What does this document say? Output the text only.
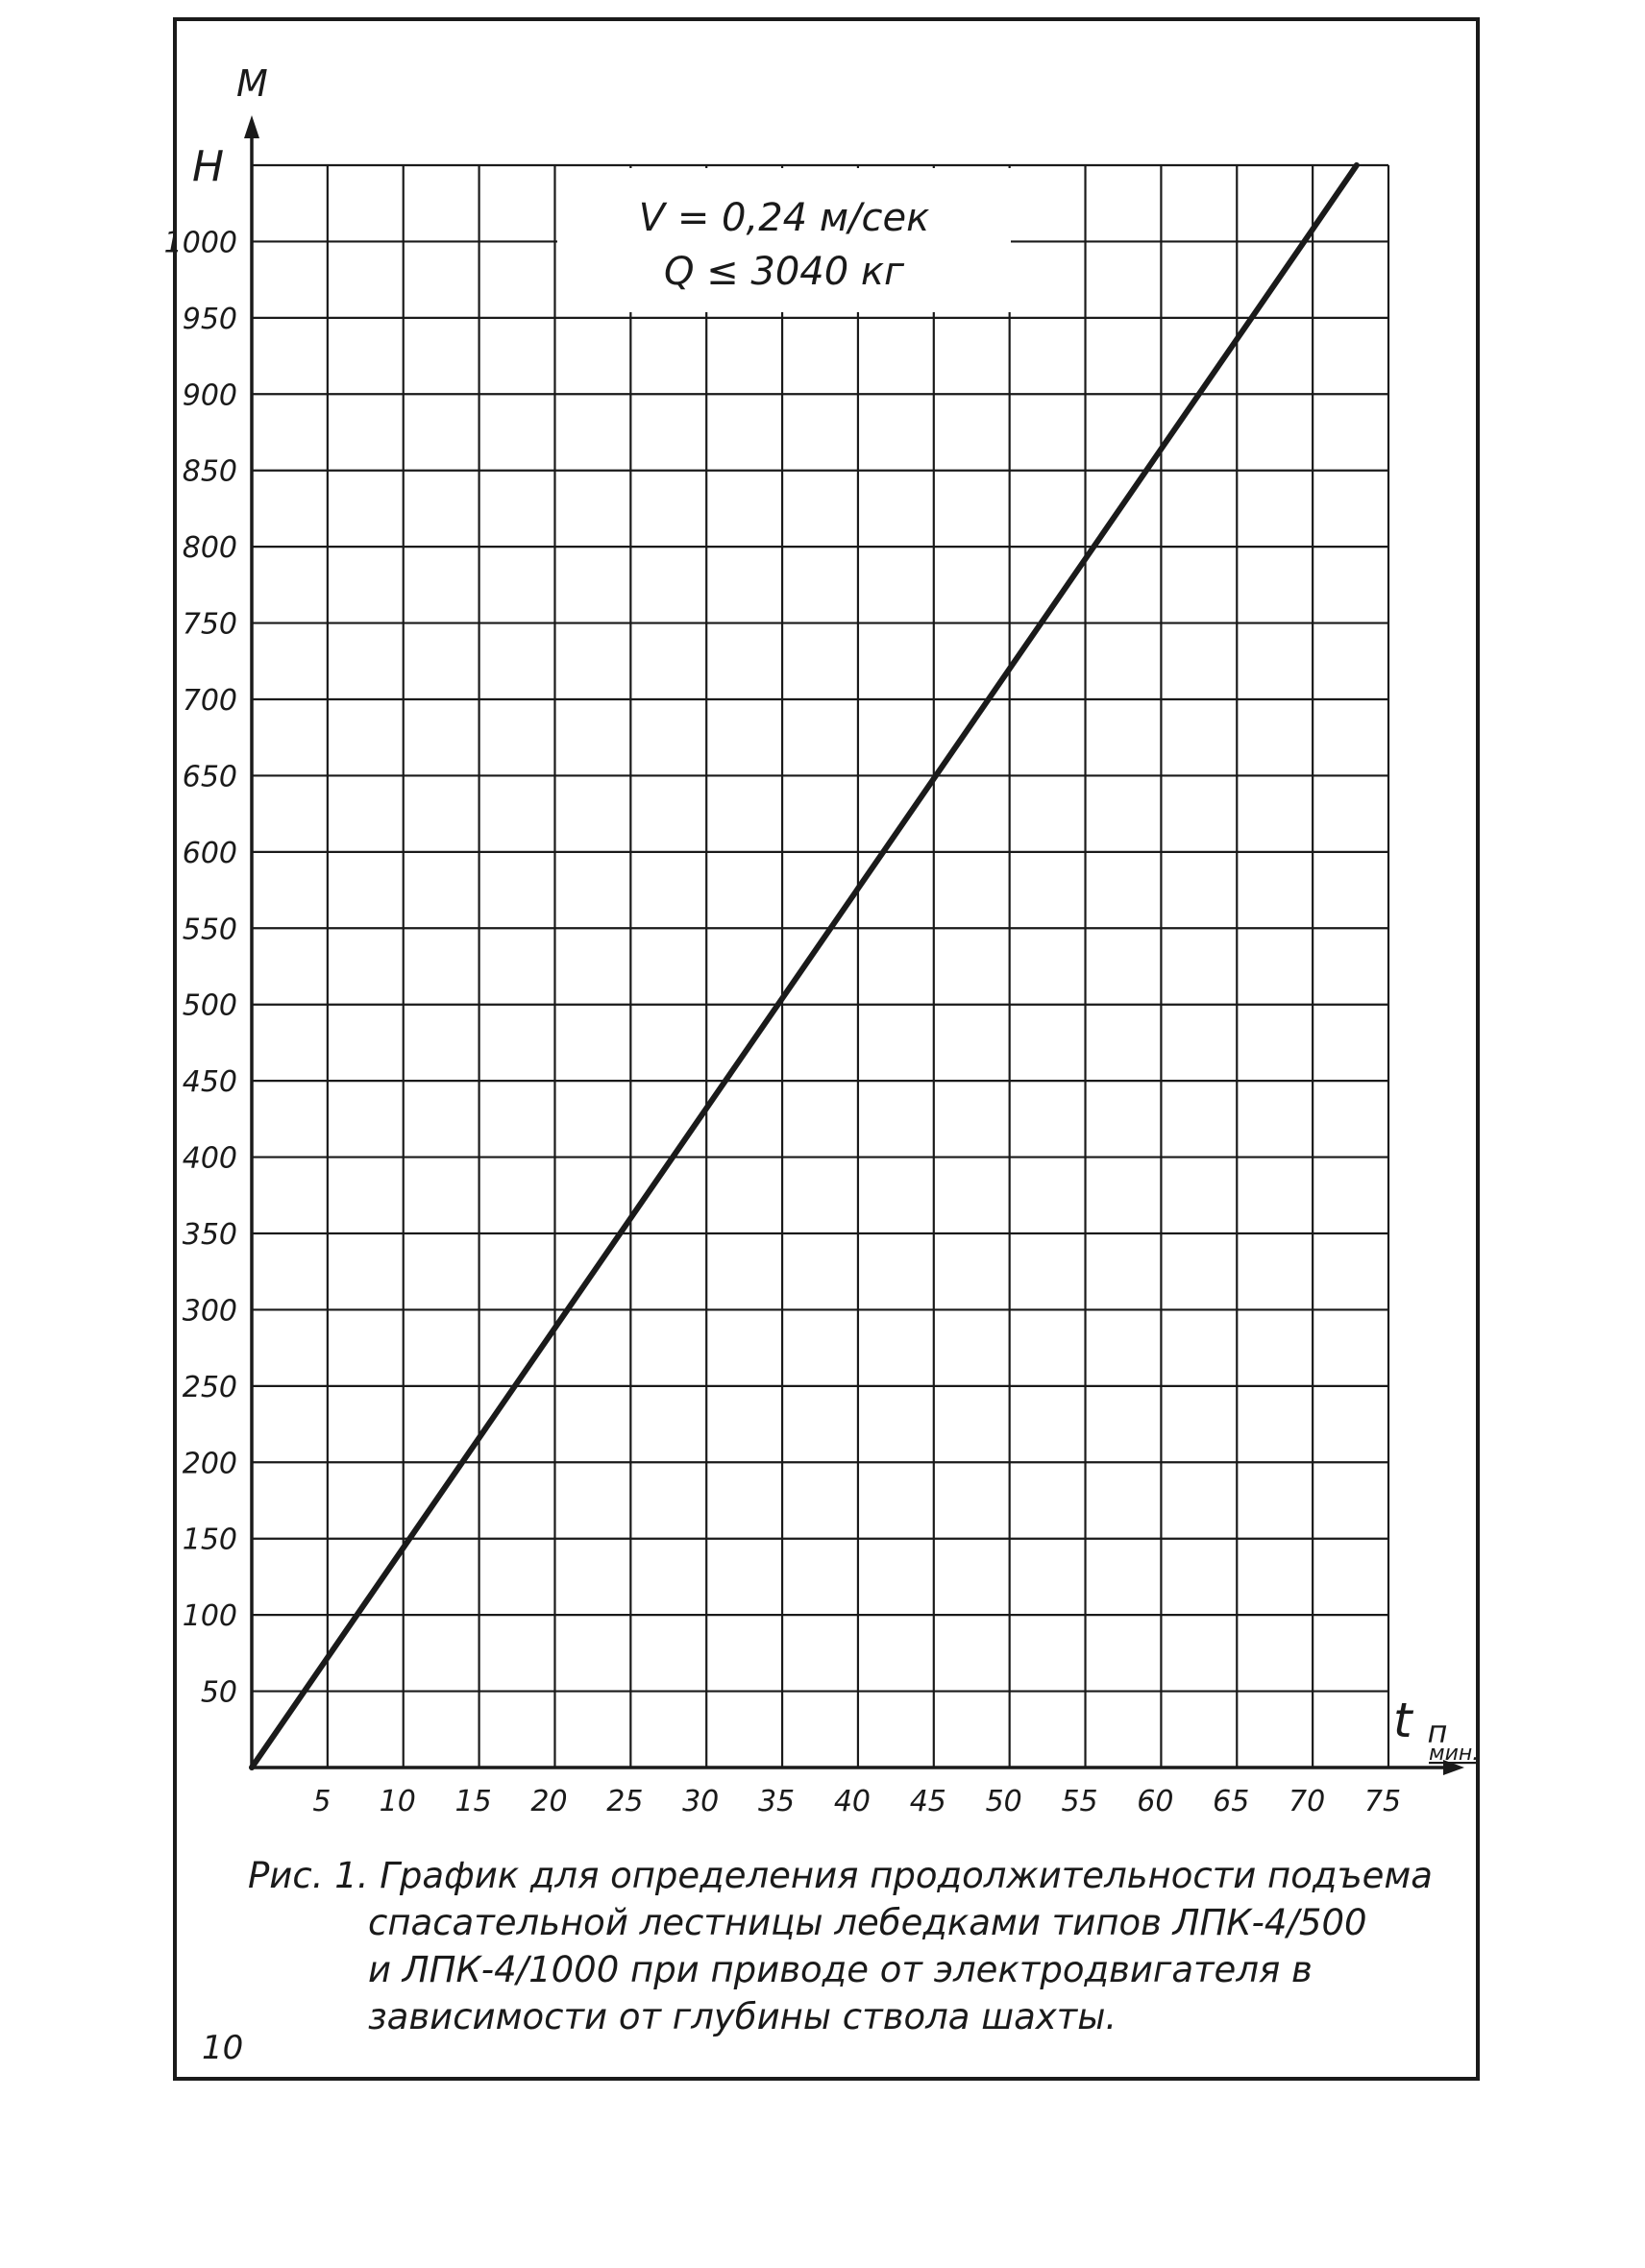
V = 0,24 м/сек
Q ≤ 3040 кг
5 10 15 20 25 30 35 40 45 50 55 60 65 70 75
50
100
150
200
250
300
350
400
450
500
550
600
650
700
750
800
850
900
950
1000
M
H
t п
мин.
Рис. 1. График для определения продолжительности подъема
спасательной лестницы лебедками типов ЛПК-4/500
и ЛПК-4/1000 при приводе от электродвигателя в
зависимости от глубины ствола шахты.
10
